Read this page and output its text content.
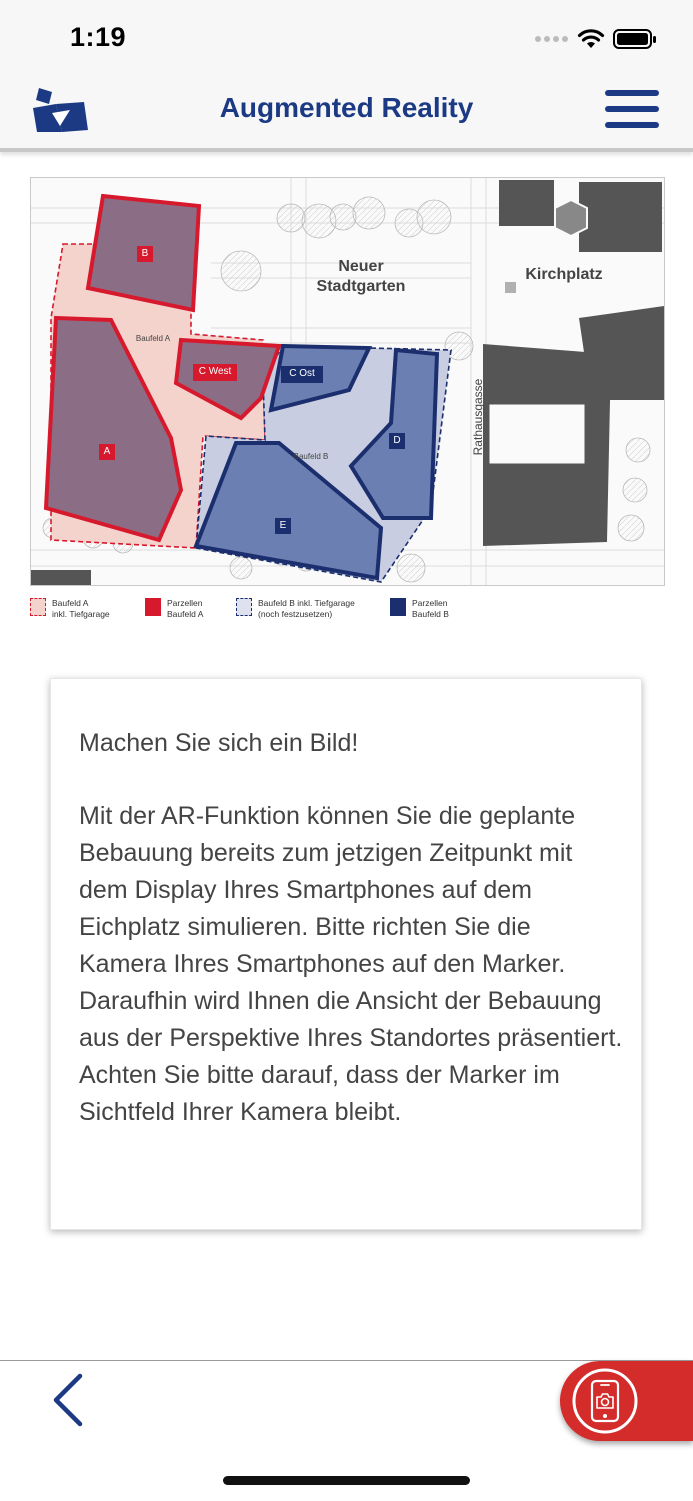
1:19
Augmented Reality
Neuer
Stadtgarten
Kirchplatz
Rathausgasse
Baufeld A
Baufeld B
B
A
C West	C Ost
D
E
Baufeld A
inkl. Tiefgarage
Parzellen
Baufeld A
Baufeld B inkl. Tiefgarage
(noch festzusetzen)
Parzellen
Baufeld B

Machen Sie sich ein Bild!

Mit der AR-Funktion können Sie die geplante Bebauung bereits zum jetzigen Zeitpunkt mit dem Display Ihres Smartphones auf dem Eichplatz simulieren. Bitte richten Sie die Kamera Ihres Smartphones auf den Marker. Daraufhin wird Ihnen die Ansicht der Bebauung aus der Perspektive Ihres Standortes präsentiert. Achten Sie bitte darauf, dass der Marker im Sichtfeld Ihrer Kamera bleibt.
